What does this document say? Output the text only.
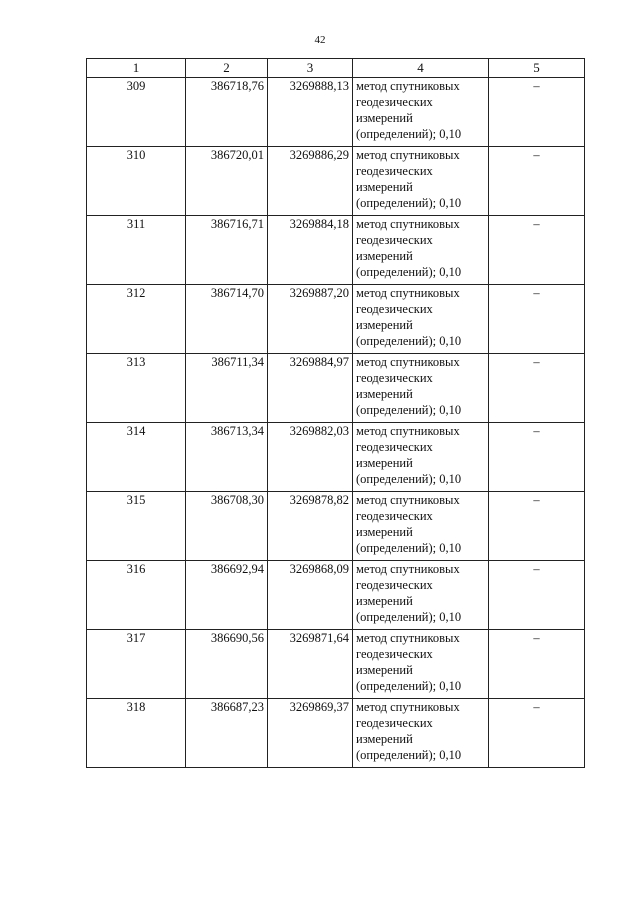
42
1	2	3	4	5
309	386718,76	3269888,13	метод спутниковых геодезических измерений (определений); 0,10	–
310	386720,01	3269886,29	метод спутниковых геодезических измерений (определений); 0,10	–
311	386716,71	3269884,18	метод спутниковых геодезических измерений (определений); 0,10	–
312	386714,70	3269887,20	метод спутниковых геодезических измерений (определений); 0,10	–
313	386711,34	3269884,97	метод спутниковых геодезических измерений (определений); 0,10	–
314	386713,34	3269882,03	метод спутниковых геодезических измерений (определений); 0,10	–
315	386708,30	3269878,82	метод спутниковых геодезических измерений (определений); 0,10	–
316	386692,94	3269868,09	метод спутниковых геодезических измерений (определений); 0,10	–
317	386690,56	3269871,64	метод спутниковых геодезических измерений (определений); 0,10	–
318	386687,23	3269869,37	метод спутниковых геодезических измерений (определений); 0,10	–
